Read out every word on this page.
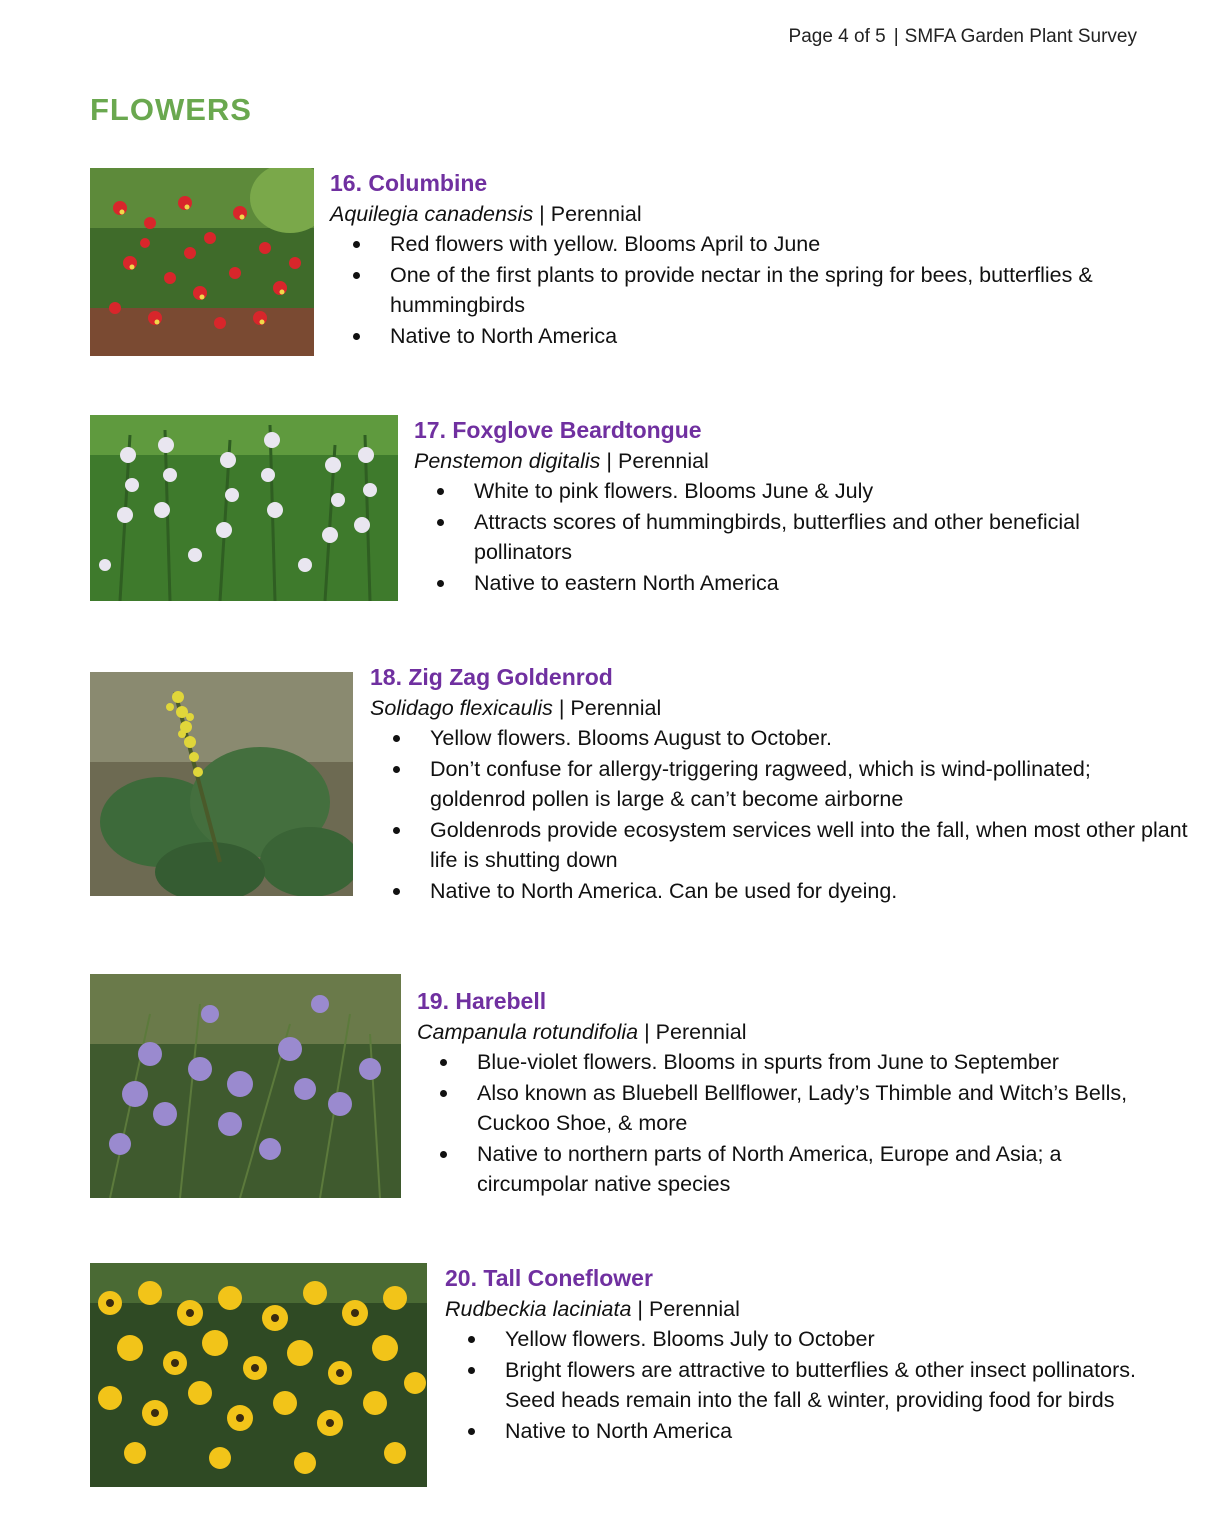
Page 4 of 5 | SMFA Garden Plant Survey
FLOWERS
16. Columbine
Aquilegia canadensis | Perennial
Red flowers with yellow. Blooms April to June
One of the first plants to provide nectar in the spring for bees, butterflies & hummingbirds
Native to North America
17. Foxglove Beardtongue
Penstemon digitalis | Perennial
White to pink flowers. Blooms June & July
Attracts scores of hummingbirds, butterflies and other beneficial pollinators
Native to eastern North America
18. Zig Zag Goldenrod
Solidago flexicaulis | Perennial
Yellow flowers. Blooms August to October.
Don’t confuse for allergy-triggering ragweed, which is wind-pollinated; goldenrod pollen is large & can’t become airborne
Goldenrods provide ecosystem services well into the fall, when most other plant life is shutting down
Native to North America. Can be used for dyeing.
19. Harebell
Campanula rotundifolia | Perennial
Blue-violet flowers. Blooms in spurts from June to September
Also known as Bluebell Bellflower, Lady’s Thimble and Witch’s Bells, Cuckoo Shoe, & more
Native to northern parts of North America, Europe and Asia; a circumpolar native species
20. Tall Coneflower
Rudbeckia laciniata | Perennial
Yellow flowers. Blooms July to October
Bright flowers are attractive to butterflies & other insect pollinators. Seed heads remain into the fall & winter, providing food for birds
Native to North America
